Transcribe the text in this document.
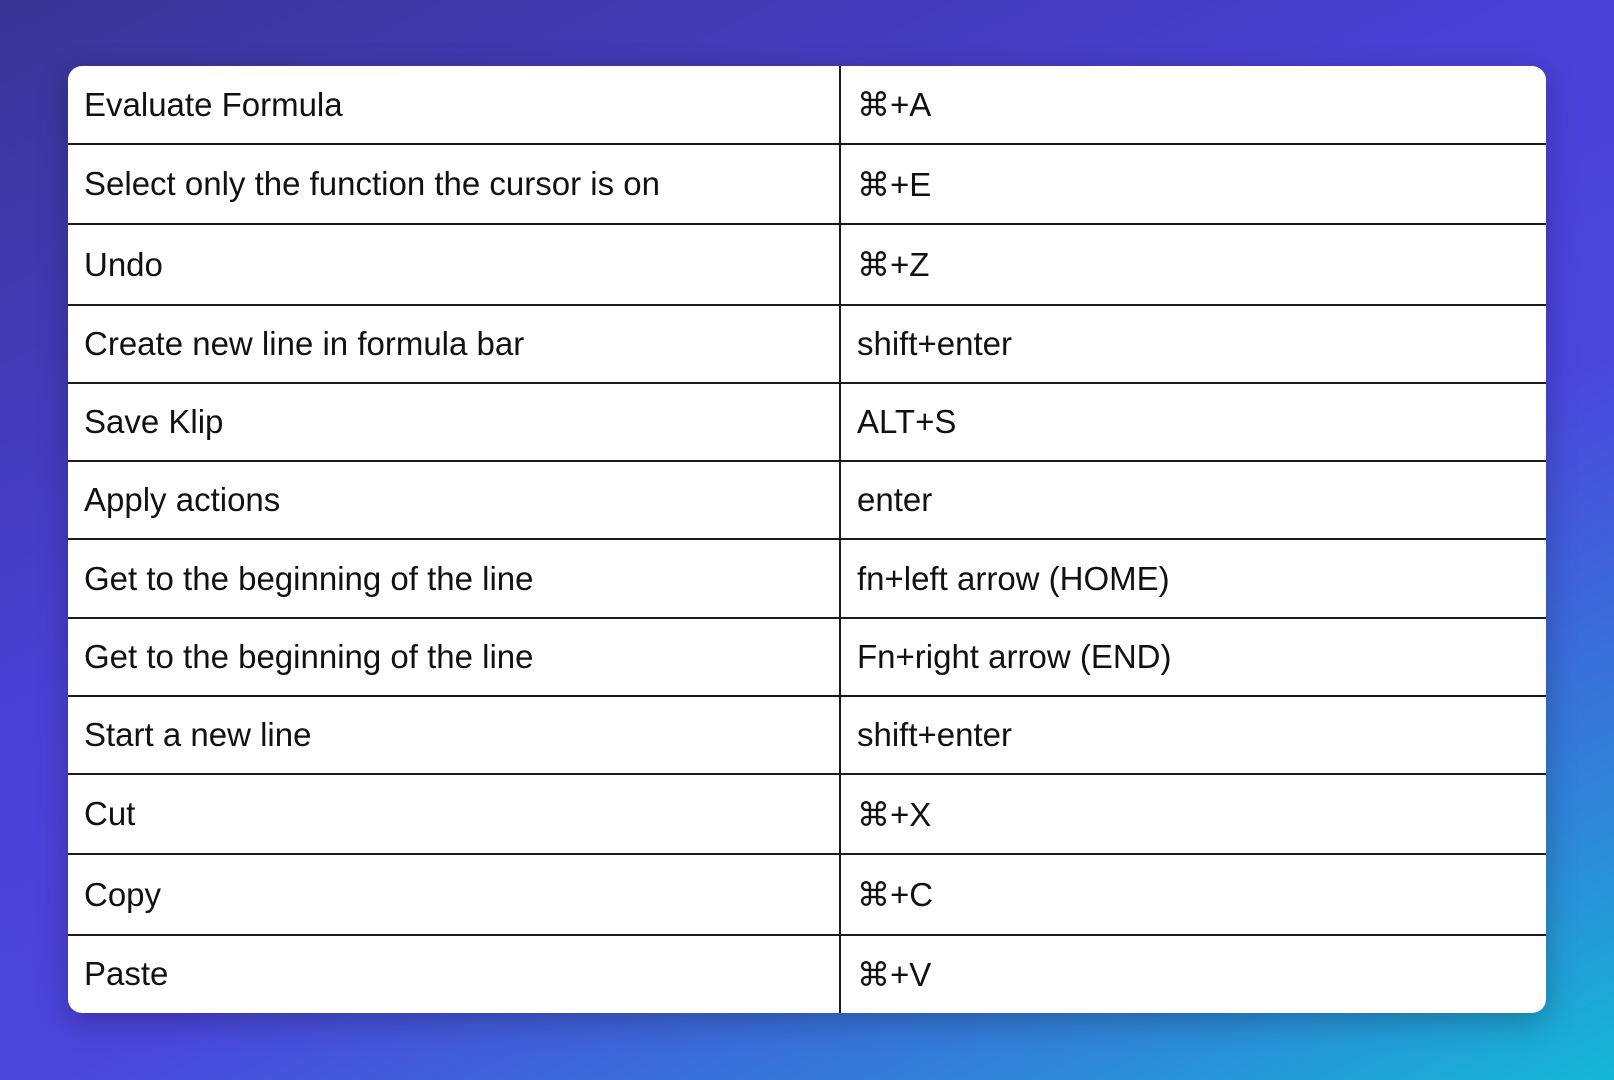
Evaluate Formula	⌘+A
Select only the function the cursor is on	⌘+E
Undo	⌘+Z
Create new line in formula bar	shift+enter
Save Klip	ALT+S
Apply actions	enter
Get to the beginning of the line	fn+left arrow (HOME)
Get to the beginning of the line	Fn+right arrow (END)
Start a new line	shift+enter
Cut	⌘+X
Copy	⌘+C
Paste	⌘+V
